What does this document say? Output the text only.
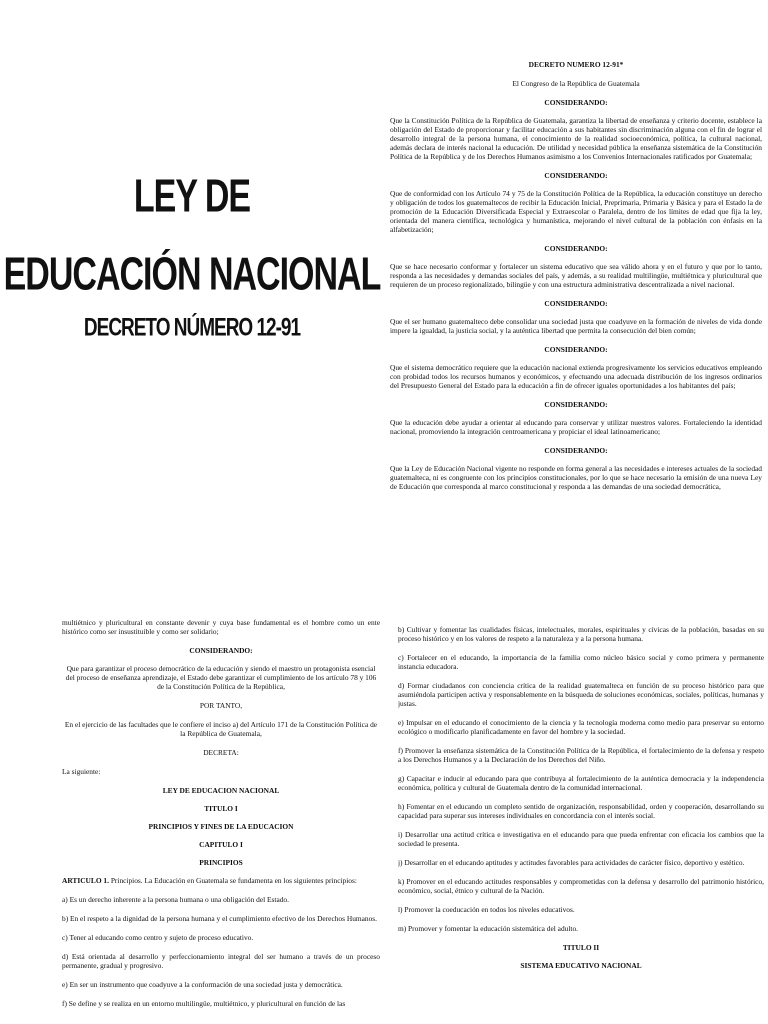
LEY DE
EDUCACIÓN NACIONAL
DECRETO NÚMERO 12-91

DECRETO NUMERO 12-91*

El Congreso de la República de Guatemala

CONSIDERANDO:

Que la Constitución Política de la República de Guatemala, garantiza la libertad de enseñanza y criterio docente, establece la obligación del Estado de proporcionar y facilitar educación a sus habitantes sin discriminación alguna con el fin de lograr el desarrollo integral de la persona humana, el conocimiento de la realidad socioeconómica, política, la cultural nacional, además declara de interés nacional la educación. De utilidad y necesidad pública la enseñanza sistemática de la Constitución Política de la República y de los Derechos Humanos asimismo a los Convenios Internacionales ratificados por Guatemala;

CONSIDERANDO:

Que de conformidad con los Artículo 74 y 75 de la Constitución Política de la República, la educación constituye un derecho y obligación de todos los guatemaltecos de recibir la Educación Inicial, Preprimaria, Primaria y Básica y para el Estado la de promoción de la Educación Diversificada Especial y Extraescolar o Paralela, dentro de los límites de edad que fija la ley, orientada del manera científica, tecnológica y humanística, mejorando el nivel cultural de la población con énfasis en la alfabetización;

CONSIDERANDO:

Que se hace necesario conformar y fortalecer un sistema educativo que sea válido ahora y en el futuro y que por lo tanto, responda a las necesidades y demandas sociales del país, y además, a su realidad multilingüe, multiétnica y pluricultural que requieren de un proceso regionalizado, bilingüe y con una estructura administrativa descentralizada a nivel nacional.

CONSIDERANDO:

Que el ser humano guatemalteco debe consolidar una sociedad justa que coadyuve en la formación de niveles de vida donde impere la igualdad, la justicia social, y la auténtica libertad que permita la consecución del bien común;

CONSIDERANDO:

Que el sistema democrático requiere que la educación nacional extienda progresivamente los servicios educativos empleando con probidad todos los recursos humanos y económicos, y efectuando una adecuada distribución de los ingresos ordinarios del Presupuesto General del Estado para la educación a fin de ofrecer iguales oportunidades a los habitantes del país;

CONSIDERANDO:

Que la educación debe ayudar a orientar al educando para conservar y utilizar nuestros valores. Fortaleciendo la identidad nacional, promoviendo la integración centroamericana y propiciar el ideal latinoamericano;

CONSIDERANDO:

Que la Ley de Educación Nacional vigente no responde en forma general a las necesidades e intereses actuales de la sociedad guatemalteca, ni es congruente con los principios constitucionales, por lo que se hace necesario la emisión de una nueva Ley de Educación que corresponda al marco constitucional y responda a las demandas de una sociedad democrática,

multiétnico y pluricultural en constante devenir y cuya base fundamental es el hombre como un ente histórico como ser insustituible y como ser solidario;

CONSIDERANDO:

Que para garantizar el proceso democrático de la educación y siendo el maestro un protagonista esencial del proceso de enseñanza aprendizaje, el Estado debe garantizar el cumplimiento de los artículo 78 y 106 de la Constitución Política de la República,

POR TANTO,

En el ejercicio de las facultades que le confiere el inciso a) del Artículo 171 de la Constitución Política de la República de Guatemala,

DECRETA:

La siguiente:

LEY DE EDUCACION NACIONAL

TITULO I

PRINCIPIOS Y FINES DE LA EDUCACION

CAPITULO I

PRINCIPIOS

ARTICULO 1. Principios. La Educación en Guatemala se fundamenta en los siguientes principios:

a) Es un derecho inherente a la persona humana o una obligación del Estado.

b) En el respeto a la dignidad de la persona humana y el cumplimiento efectivo de los Derechos Humanos.

c) Tener al educando como centro y sujeto de proceso educativo.

d) Está orientada al desarrollo y perfeccionamiento integral del ser humano a través de un proceso permanente, gradual y progresivo.

e) En ser un instrumento que coadyuve a la conformación de una sociedad justa y democrática.

f) Se define y se realiza en un entorno multilingüe, multiétnico, y pluricultural en función de las

b) Cultivar y fomentar las cualidades físicas, intelectuales, morales, espirituales y cívicas de la población, basadas en su proceso histórico y en los valores de respeto a la naturaleza y a la persona humana.

c) Fortalecer en el educando, la importancia de la familia como núcleo básico social y como primera y permanente instancia educadora.

d) Formar ciudadanos con conciencia crítica de la realidad guatemalteca en función de su proceso histórico para que asumiéndola participen activa y responsablemente en la búsqueda de soluciones económicas, sociales, políticas, humanas y justas.

e) Impulsar en el educando el conocimiento de la ciencia y la tecnología moderna como medio para preservar su entorno ecológico o modificarlo planificadamente en favor del hombre y la sociedad.

f) Promover la enseñanza sistemática de la Constitución Política de la República, el fortalecimiento de la defensa y respeto a los Derechos Humanos y a la Declaración de los Derechos del Niño.

g) Capacitar e inducir al educando para que contribuya al fortalecimiento de la auténtica democracia y la independencia económica, política y cultural de Guatemala dentro de la comunidad internacional.

h) Fomentar en el educando un completo sentido de organización, responsabilidad, orden y cooperación, desarrollando su capacidad para superar sus intereses individuales en concordancia con el interés social.

i) Desarrollar una actitud crítica e investigativa en el educando para que pueda enfrentar con eficacia los cambios que la sociedad le presenta.

j) Desarrollar en el educando aptitudes y actitudes favorables para actividades de carácter físico, deportivo y estético.

k) Promover en el educando actitudes responsables y comprometidas con la defensa y desarrollo del patrimonio histórico, económico, social, étnico y cultural de la Nación.

l) Promover la coeducación en todos los niveles educativos.

m) Promover y fomentar la educación sistemática del adulto.

TITULO II

SISTEMA EDUCATIVO NACIONAL
